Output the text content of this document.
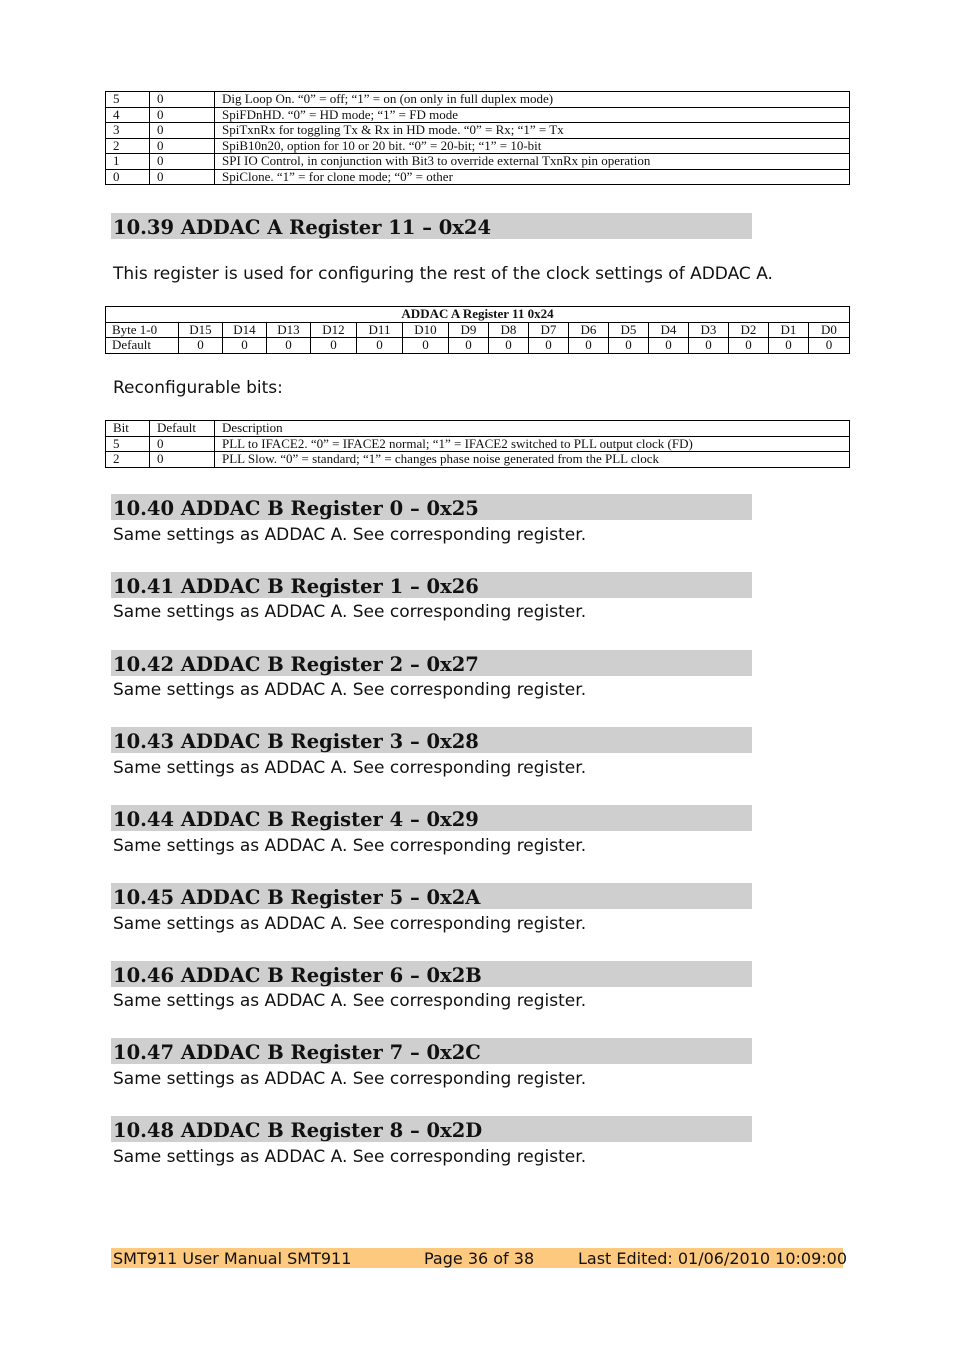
5	0	Dig Loop On. “0” = off; “1” = on (on only in full duplex mode)
4	0	SpiFDnHD. “0” = HD mode; “1” = FD mode
3	0	SpiTxnRx for toggling Tx & Rx in HD mode. “0” = Rx; “1” = Tx
2	0	SpiB10n20, option for 10 or 20 bit. “0” = 20-bit; “1” = 10-bit
1	0	SPI IO Control, in conjunction with Bit3 to override external TxnRx pin operation
0	0	SpiClone. “1” = for clone mode; “0” = other
10.39 ADDAC A Register 11 – 0x24
This register is used for configuring the rest of the clock settings of ADDAC A.
ADDAC A Register 11 0x24																
Byte 1-0	D15	D14	D13	D12	D11	D10	D9	D8	D7	D6	D5	D4	D3	D2	D1	D0
Default	0	0	0	0	0	0	0	0	0	0	0	0	0	0	0	0
Reconfigurable bits:
Bit	Default	Description
5	0	PLL to IFACE2. “0” = IFACE2 normal; “1” = IFACE2 switched to PLL output clock (FD)
2	0	PLL Slow. “0” = standard; “1” = changes phase noise generated from the PLL clock
10.40 ADDAC B Register 0 – 0x25
Same settings as ADDAC A. See corresponding register.
10.41 ADDAC B Register 1 – 0x26
Same settings as ADDAC A. See corresponding register.
10.42 ADDAC B Register 2 – 0x27
Same settings as ADDAC A. See corresponding register.
10.43 ADDAC B Register 3 – 0x28
Same settings as ADDAC A. See corresponding register.
10.44 ADDAC B Register 4 – 0x29
Same settings as ADDAC A. See corresponding register.
10.45 ADDAC B Register 5 – 0x2A
Same settings as ADDAC A. See corresponding register.
10.46 ADDAC B Register 6 – 0x2B
Same settings as ADDAC A. See corresponding register.
10.47 ADDAC B Register 7 – 0x2C
Same settings as ADDAC A. See corresponding register.
10.48 ADDAC B Register 8 – 0x2D
Same settings as ADDAC A. See corresponding register.
SMT911 User Manual SMT911	Page 36 of 38	Last Edited: 01/06/2010 10:09:00
